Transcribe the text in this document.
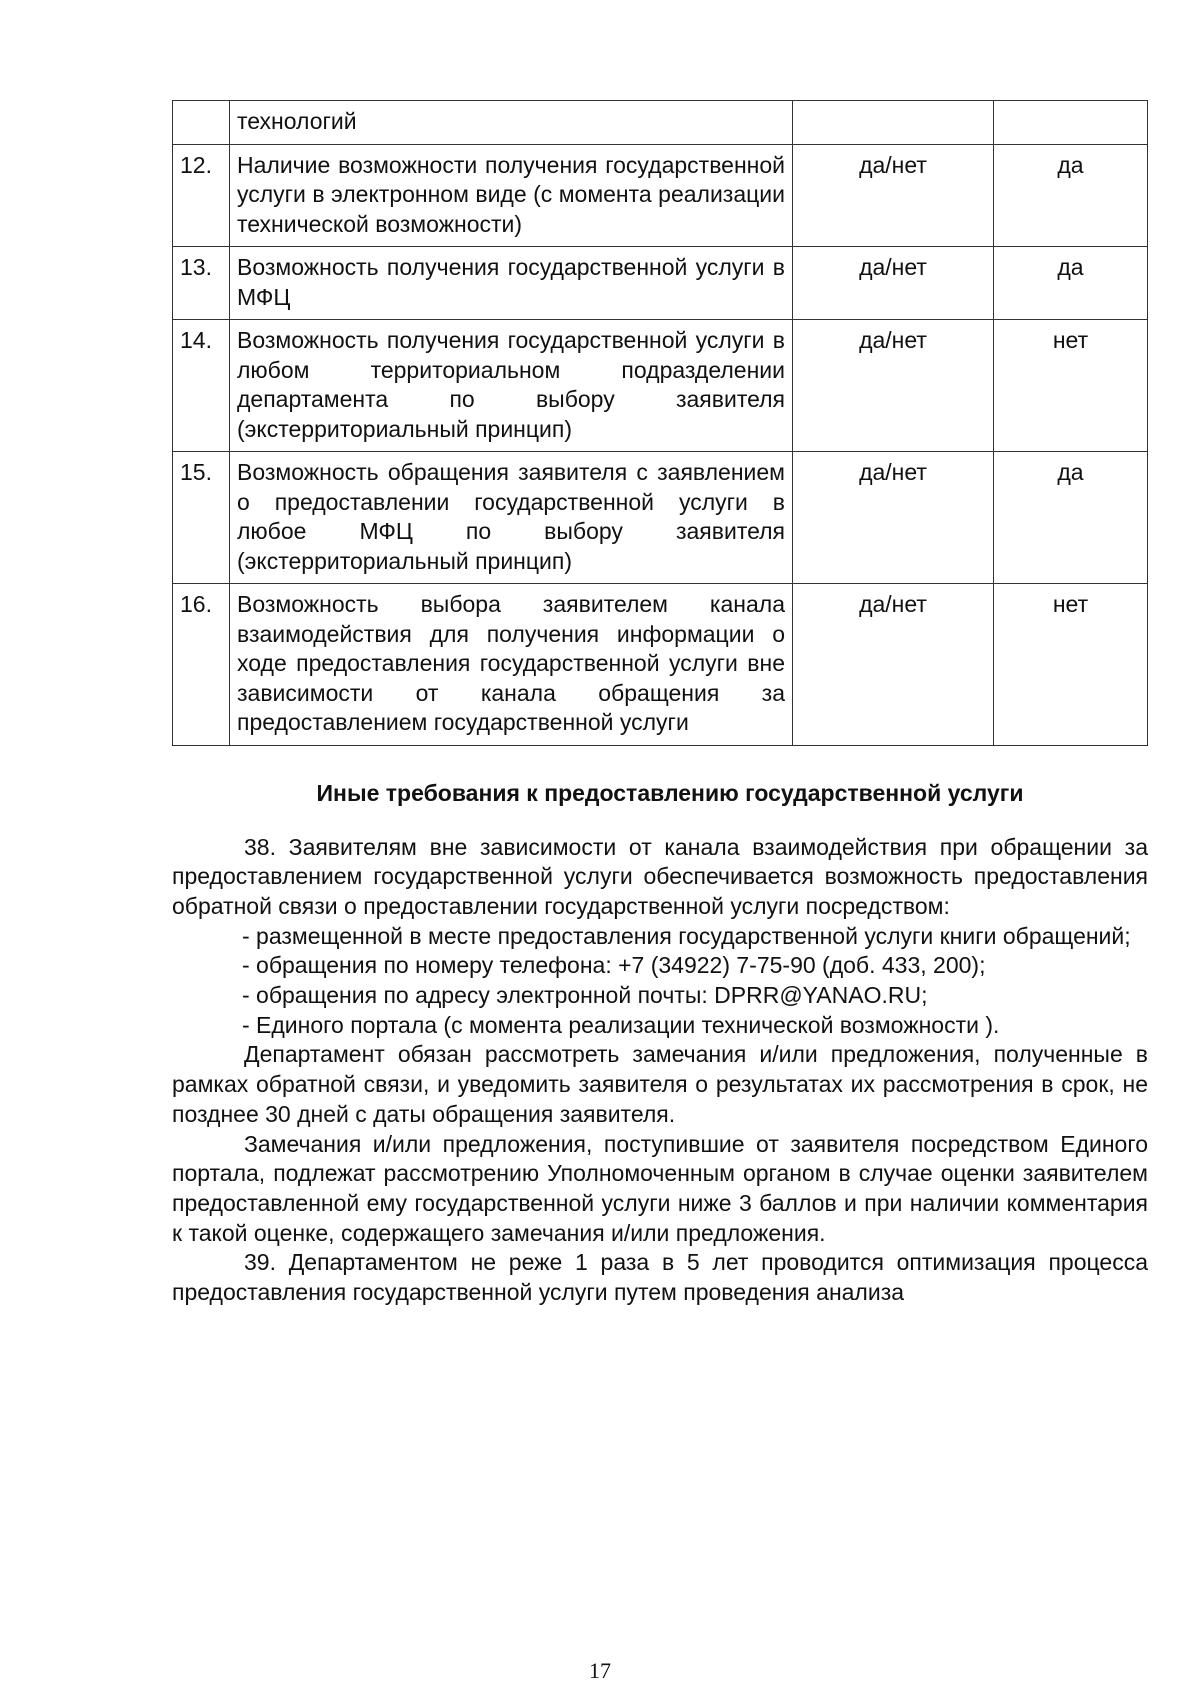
	технологий		
12.	Наличие возможности получения государственной услуги в электронном виде (с момента реализации технической возможности)	да/нет	да
13.	Возможность получения государственной услуги в МФЦ	да/нет	да
14.	Возможность получения государственной услуги в любом территориальном подразделении департамента по выбору заявителя (экстерриториальный принцип)	да/нет	нет
15.	Возможность обращения заявителя с заявлением о предоставлении государственной услуги в любое МФЦ по выбору заявителя (экстерриториальный принцип)	да/нет	да
16.	Возможность выбора заявителем канала взаимодействия для получения информации о ходе предоставления государственной услуги вне зависимости от канала обращения за предоставлением государственной услуги	да/нет	нет
Иные требования к предоставлению государственной услуги

38. Заявителям вне зависимости от канала взаимодействия при обращении за предоставлением государственной услуги обеспечивается возможность предоставления обратной связи о предоставлении государственной услуги посредством:

- размещенной в месте предоставления государственной услуги книги обращений;

- обращения по номеру телефона: +7 (34922) 7-75-90 (доб. 433, 200);

- обращения по адресу электронной почты: DPRR@YANAO.RU;

- Единого портала (с момента реализации технической возможности ).

Департамент обязан рассмотреть замечания и/или предложения, полученные в рамках обратной связи, и уведомить заявителя о результатах их рассмотрения в срок, не позднее 30 дней с даты обращения заявителя.

Замечания и/или предложения, поступившие от заявителя посредством Единого портала, подлежат рассмотрению Уполномоченным органом в случае оценки заявителем предоставленной ему государственной услуги ниже 3 баллов и при наличии комментария к такой оценке, содержащего замечания и/или предложения.

39. Департаментом не реже 1 раза в 5 лет проводится оптимизация процесса предоставления государственной услуги путем проведения анализа

17
